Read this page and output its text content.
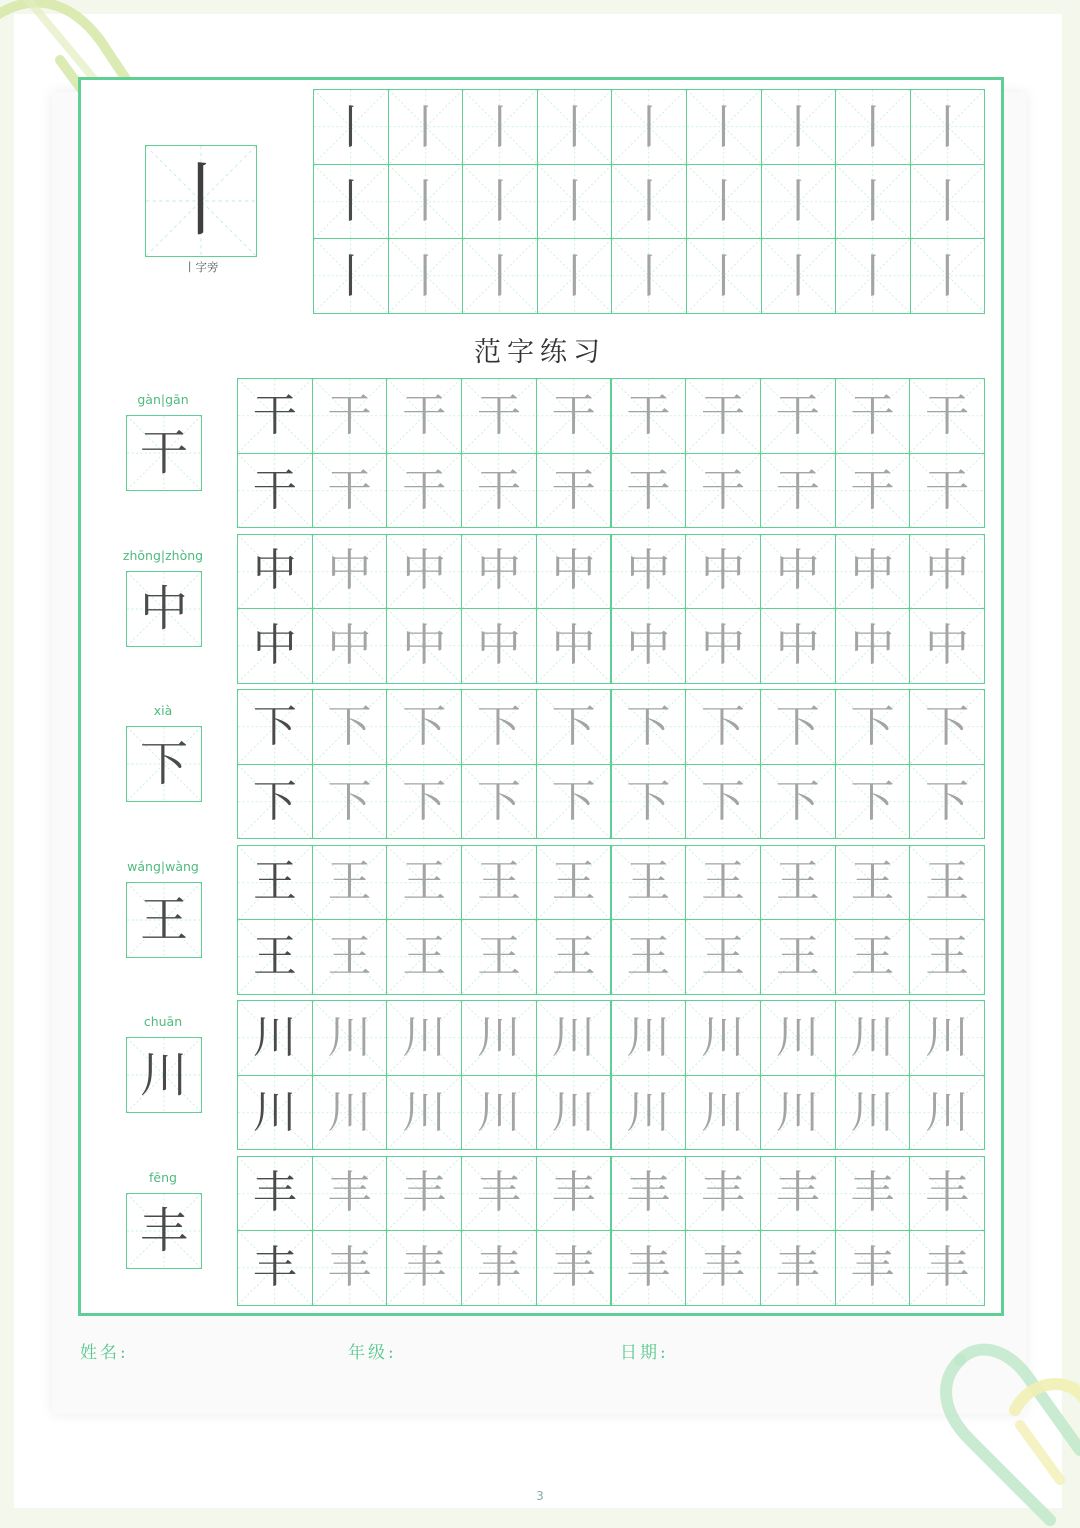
丨
丨字旁
范字练习
gàn|gān
干
干 干 干 干 干 干 干 干 干 干
干 干 干 干 干 干 干 干 干 干
zhōng|zhòng
中
中 中 中 中 中 中 中 中 中 中
中 中 中 中 中 中 中 中 中 中
xià
下
下 下 下 下 下 下 下 下 下 下
下 下 下 下 下 下 下 下 下 下
wáng|wàng
王
王 王 王 王 王 王 王 王 王 王
王 王 王 王 王 王 王 王 王 王
chuān
川
川 川 川 川 川 川 川 川 川 川
川 川 川 川 川 川 川 川 川 川
fēng
丰
丰 丰 丰 丰 丰 丰 丰 丰 丰 丰
丰 丰 丰 丰 丰 丰 丰 丰 丰 丰
姓名:	年级:	日期:
3
丨 丨 丨 丨 丨 丨 丨 丨 丨
丨 丨 丨 丨 丨 丨 丨 丨 丨
丨 丨 丨 丨 丨 丨 丨 丨 丨
